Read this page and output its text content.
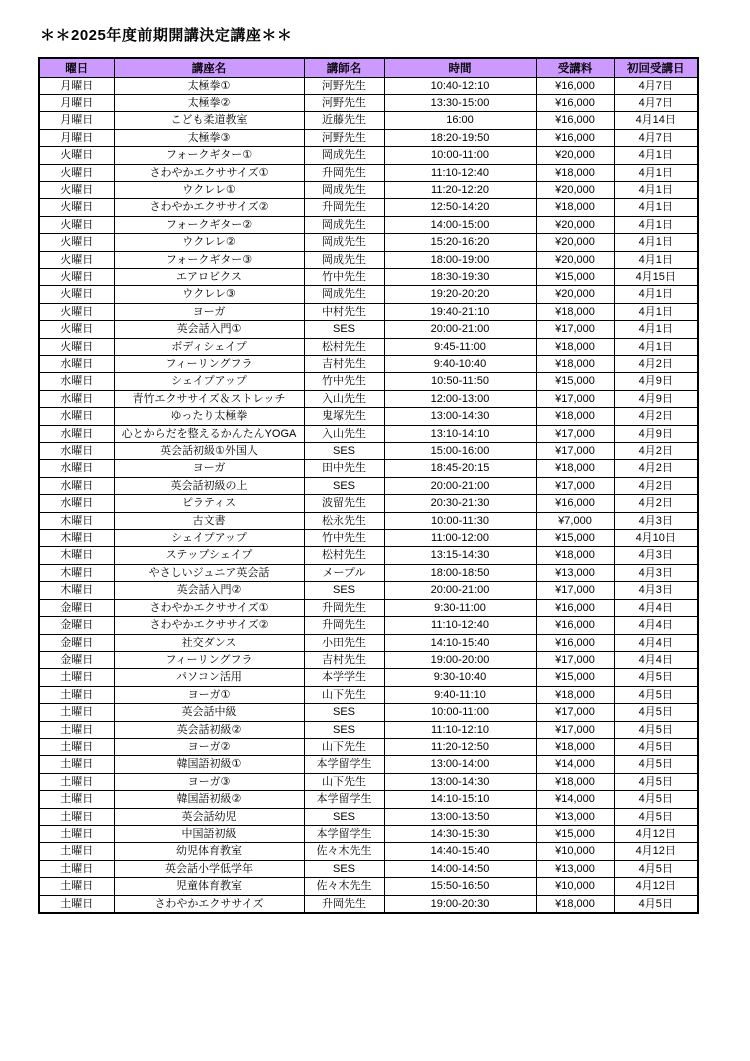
＊＊2025年度前期開講決定講座＊＊
曜日	講座名	講師名	時間	受講料	初回受講日
月曜日	太極拳①	河野先生	10:40-12:10	¥16,000	4月7日
月曜日	太極拳②	河野先生	13:30-15:00	¥16,000	4月7日
月曜日	こども柔道教室	近藤先生	16:00	¥16,000	4月14日
月曜日	太極拳③	河野先生	18:20-19:50	¥16,000	4月7日
火曜日	フォークギター①	岡成先生	10:00-11:00	¥20,000	4月1日
火曜日	さわやかエクササイズ①	升岡先生	11:10-12:40	¥18,000	4月1日
火曜日	ウクレレ①	岡成先生	11:20-12:20	¥20,000	4月1日
火曜日	さわやかエクササイズ②	升岡先生	12:50-14:20	¥18,000	4月1日
火曜日	フォークギター②	岡成先生	14:00-15:00	¥20,000	4月1日
火曜日	ウクレレ②	岡成先生	15:20-16:20	¥20,000	4月1日
火曜日	フォークギター③	岡成先生	18:00-19:00	¥20,000	4月1日
火曜日	エアロビクス	竹中先生	18:30-19:30	¥15,000	4月15日
火曜日	ウクレレ③	岡成先生	19:20-20:20	¥20,000	4月1日
火曜日	ヨーガ	中村先生	19:40-21:10	¥18,000	4月1日
火曜日	英会話入門①	SES	20:00-21:00	¥17,000	4月1日
火曜日	ボディシェイプ	松村先生	9:45-11:00	¥18,000	4月1日
水曜日	フィーリングフラ	吉村先生	9:40-10:40	¥18,000	4月2日
水曜日	シェイプアップ	竹中先生	10:50-11:50	¥15,000	4月9日
水曜日	青竹エクササイズ＆ストレッチ	入山先生	12:00-13:00	¥17,000	4月9日
水曜日	ゆったり太極拳	鬼塚先生	13:00-14:30	¥18,000	4月2日
水曜日	心とからだを整えるかんたんYOGA	入山先生	13:10-14:10	¥17,000	4月9日
水曜日	英会話初級①外国人	SES	15:00-16:00	¥17,000	4月2日
水曜日	ヨーガ	田中先生	18:45-20:15	¥18,000	4月2日
水曜日	英会話初級の上	SES	20:00-21:00	¥17,000	4月2日
水曜日	ピラティス	波留先生	20:30-21:30	¥16,000	4月2日
木曜日	古文書	松永先生	10:00-11:30	¥7,000	4月3日
木曜日	シェイプアップ	竹中先生	11:00-12:00	¥15,000	4月10日
木曜日	ステップシェイプ	松村先生	13:15-14:30	¥18,000	4月3日
木曜日	やさしいジュニア英会話	メープル	18:00-18:50	¥13,000	4月3日
木曜日	英会話入門②	SES	20:00-21:00	¥17,000	4月3日
金曜日	さわやかエクササイズ①	升岡先生	9:30-11:00	¥16,000	4月4日
金曜日	さわやかエクササイズ②	升岡先生	11:10-12:40	¥16,000	4月4日
金曜日	社交ダンス	小田先生	14:10-15:40	¥16,000	4月4日
金曜日	フィーリングフラ	吉村先生	19:00-20:00	¥17,000	4月4日
土曜日	パソコン活用	本学学生	9:30-10:40	¥15,000	4月5日
土曜日	ヨーガ①	山下先生	9:40-11:10	¥18,000	4月5日
土曜日	英会話中級	SES	10:00-11:00	¥17,000	4月5日
土曜日	英会話初級②	SES	11:10-12:10	¥17,000	4月5日
土曜日	ヨーガ②	山下先生	11:20-12:50	¥18,000	4月5日
土曜日	韓国語初級①	本学留学生	13:00-14:00	¥14,000	4月5日
土曜日	ヨーガ③	山下先生	13:00-14:30	¥18,000	4月5日
土曜日	韓国語初級②	本学留学生	14:10-15:10	¥14,000	4月5日
土曜日	英会話幼児	SES	13:00-13:50	¥13,000	4月5日
土曜日	中国語初級	本学留学生	14:30-15:30	¥15,000	4月12日
土曜日	幼児体育教室	佐々木先生	14:40-15:40	¥10,000	4月12日
土曜日	英会話小学低学年	SES	14:00-14:50	¥13,000	4月5日
土曜日	児童体育教室	佐々木先生	15:50-16:50	¥10,000	4月12日
土曜日	さわやかエクササイズ	升岡先生	19:00-20:30	¥18,000	4月5日
